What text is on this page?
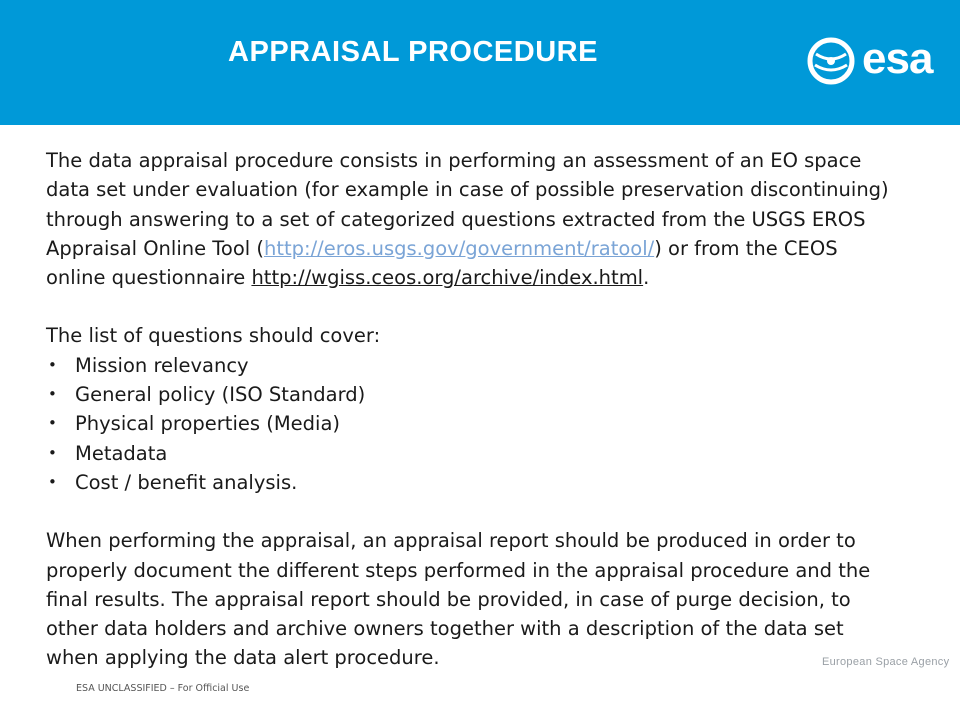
APPRAISAL PROCEDURE	esa

The data appraisal procedure consists in performing an assessment of an EO space data set under evaluation (for example in case of possible preservation discontinuing) through answering to a set of categorized questions extracted from the USGS EROS Appraisal Online Tool (http://eros.usgs.gov/government/ratool/) or from the CEOS online questionnaire http://wgiss.ceos.org/archive/index.html.

The list of questions should cover:

• Mission relevancy
• General policy (ISO Standard)
• Physical properties (Media)
• Metadata
• Cost / benefit analysis.

When performing the appraisal, an appraisal report should be produced in order to properly document the different steps performed in the appraisal procedure and the final results. The appraisal report should be provided, in case of purge decision, to other data holders and archive owners together with a description of the data set when applying the data alert procedure.

ESA UNCLASSIFIED – For Official Use
European Space Agency
